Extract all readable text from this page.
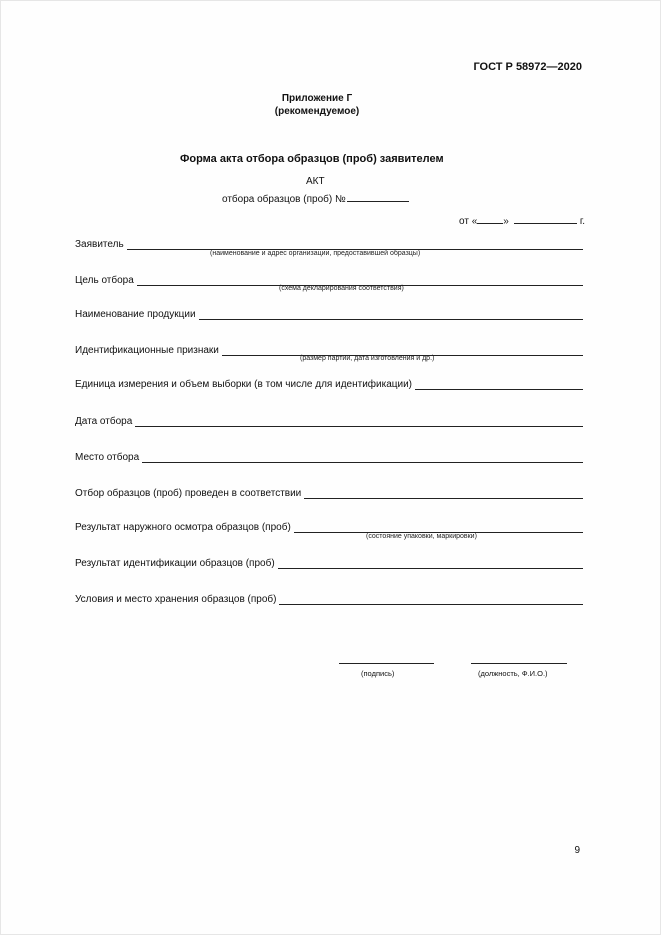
ГОСТ Р 58972—2020
Приложение Г
(рекомендуемое)
Форма акта отбора образцов (проб) заявителем
АКТ
отбора образцов (проб) №
от «	»	г.
Заявитель
(наименование и адрес организации, предоставившей образцы)
Цель отбора
(схема декларирования соответствия)
Наименование продукции
Идентификационные признаки
(размер партии, дата изготовления и др.)
Единица измерения и объем выборки (в том числе для идентификации)
Дата отбора
Место отбора
Отбор образцов (проб) проведен в соответствии
Результат наружного осмотра образцов (проб)
(состояние упаковки, маркировки)
Результат идентификации образцов (проб)
Условия и место хранения образцов (проб)
(подпись)	(должность, Ф.И.О.)
9
